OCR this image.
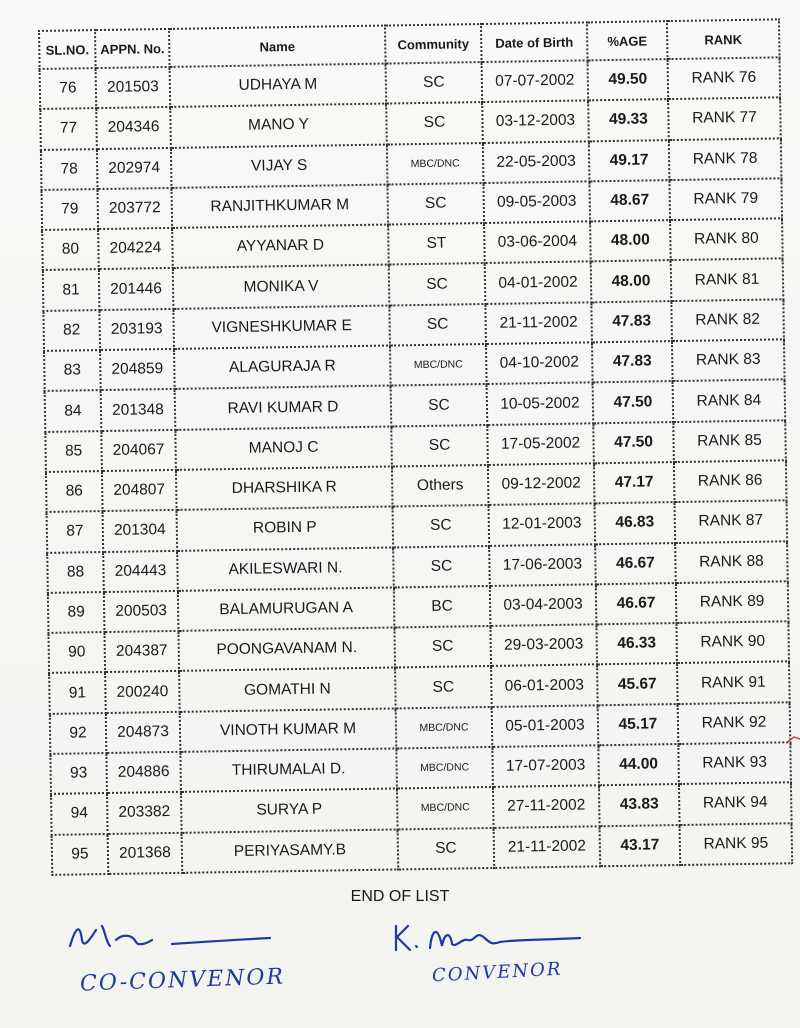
SL.NO.	APPN. No.	Name	Community	Date of Birth	%AGE	RANK
76	201503	UDHAYA M	SC	07-07-2002	49.50	RANK 76
77	204346	MANO Y	SC	03-12-2003	49.33	RANK 77
78	202974	VIJAY S	MBC/DNC	22-05-2003	49.17	RANK 78
79	203772	RANJITHKUMAR M	SC	09-05-2003	48.67	RANK 79
80	204224	AYYANAR D	ST	03-06-2004	48.00	RANK 80
81	201446	MONIKA V	SC	04-01-2002	48.00	RANK 81
82	203193	VIGNESHKUMAR E	SC	21-11-2002	47.83	RANK 82
83	204859	ALAGURAJA R	MBC/DNC	04-10-2002	47.83	RANK 83
84	201348	RAVI KUMAR D	SC	10-05-2002	47.50	RANK 84
85	204067	MANOJ C	SC	17-05-2002	47.50	RANK 85
86	204807	DHARSHIKA R	Others	09-12-2002	47.17	RANK 86
87	201304	ROBIN P	SC	12-01-2003	46.83	RANK 87
88	204443	AKILESWARI N.	SC	17-06-2003	46.67	RANK 88
89	200503	BALAMURUGAN A	BC	03-04-2003	46.67	RANK 89
90	204387	POONGAVANAM N.	SC	29-03-2003	46.33	RANK 90
91	200240	GOMATHI N	SC	06-01-2003	45.67	RANK 91
92	204873	VINOTH KUMAR M	MBC/DNC	05-01-2003	45.17	RANK 92
93	204886	THIRUMALAI D.	MBC/DNC	17-07-2003	44.00	RANK 93
94	203382	SURYA P	MBC/DNC	27-11-2002	43.83	RANK 94
95	201368	PERIYASAMY.B	SC	21-11-2002	43.17	RANK 95
END OF LIST
CO-CONVENOR	CONVENOR
